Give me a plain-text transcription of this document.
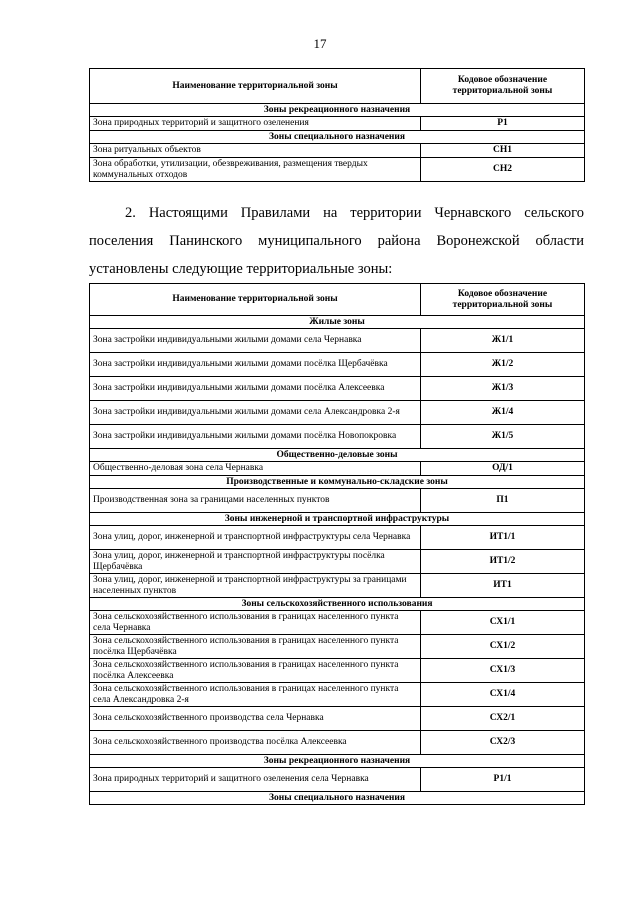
17
Наименование территориальной зоны	Кодовое обозначение территориальной зоны
Зоны рекреационного назначения	
Зона природных территорий и защитного озеленения	Р1
Зоны специального назначения	
Зона ритуальных объектов	СН1
Зона обработки, утилизации, обезвреживания, размещения твердых коммунальных отходов	СН2
2. Настоящими Правилами на территории Чернавского сельского
поселения Панинского муниципального района Воронежской области
установлены следующие территориальные зоны:
Наименование территориальной зоны	Кодовое обозначение территориальной зоны
Жилые зоны	
Зона застройки индивидуальными жилыми домами села Чернавка	Ж1/1
Зона застройки индивидуальными жилыми домами посёлка Щербачёвка	Ж1/2
Зона застройки индивидуальными жилыми домами посёлка Алексеевка	Ж1/3
Зона застройки индивидуальными жилыми домами села Александровка 2-я	Ж1/4
Зона застройки индивидуальными жилыми домами посёлка Новопокровка	Ж1/5
Общественно-деловые зоны	
Общественно-деловая зона села Чернавка	ОД/1
Производственные и коммунально-складские зоны	
Производственная зона за границами населенных пунктов	П1
Зоны инженерной и транспортной инфраструктуры	
Зона улиц, дорог, инженерной и транспортной инфраструктуры села Чернавка	ИТ1/1
Зона улиц, дорог, инженерной и транспортной инфраструктуры посёлка Щербачёвка	ИТ1/2
Зона улиц, дорог, инженерной и транспортной инфраструктуры за границами населенных пунктов	ИТ1
Зоны сельскохозяйственного использования	
Зона сельскохозяйственного использования в границах населенного пункта села Чернавка	СХ1/1
Зона сельскохозяйственного использования в границах населенного пункта посёлка Щербачёвка	СХ1/2
Зона сельскохозяйственного использования в границах населенного пункта посёлка Алексеевка	СХ1/3
Зона сельскохозяйственного использования в границах населенного пункта села Александровка 2-я	СХ1/4
Зона сельскохозяйственного производства села Чернавка	СХ2/1
Зона сельскохозяйственного производства посёлка Алексеевка	СХ2/3
Зоны рекреационного назначения	
Зона природных территорий и защитного озеленения села Чернавка	Р1/1
Зоны специального назначения	
